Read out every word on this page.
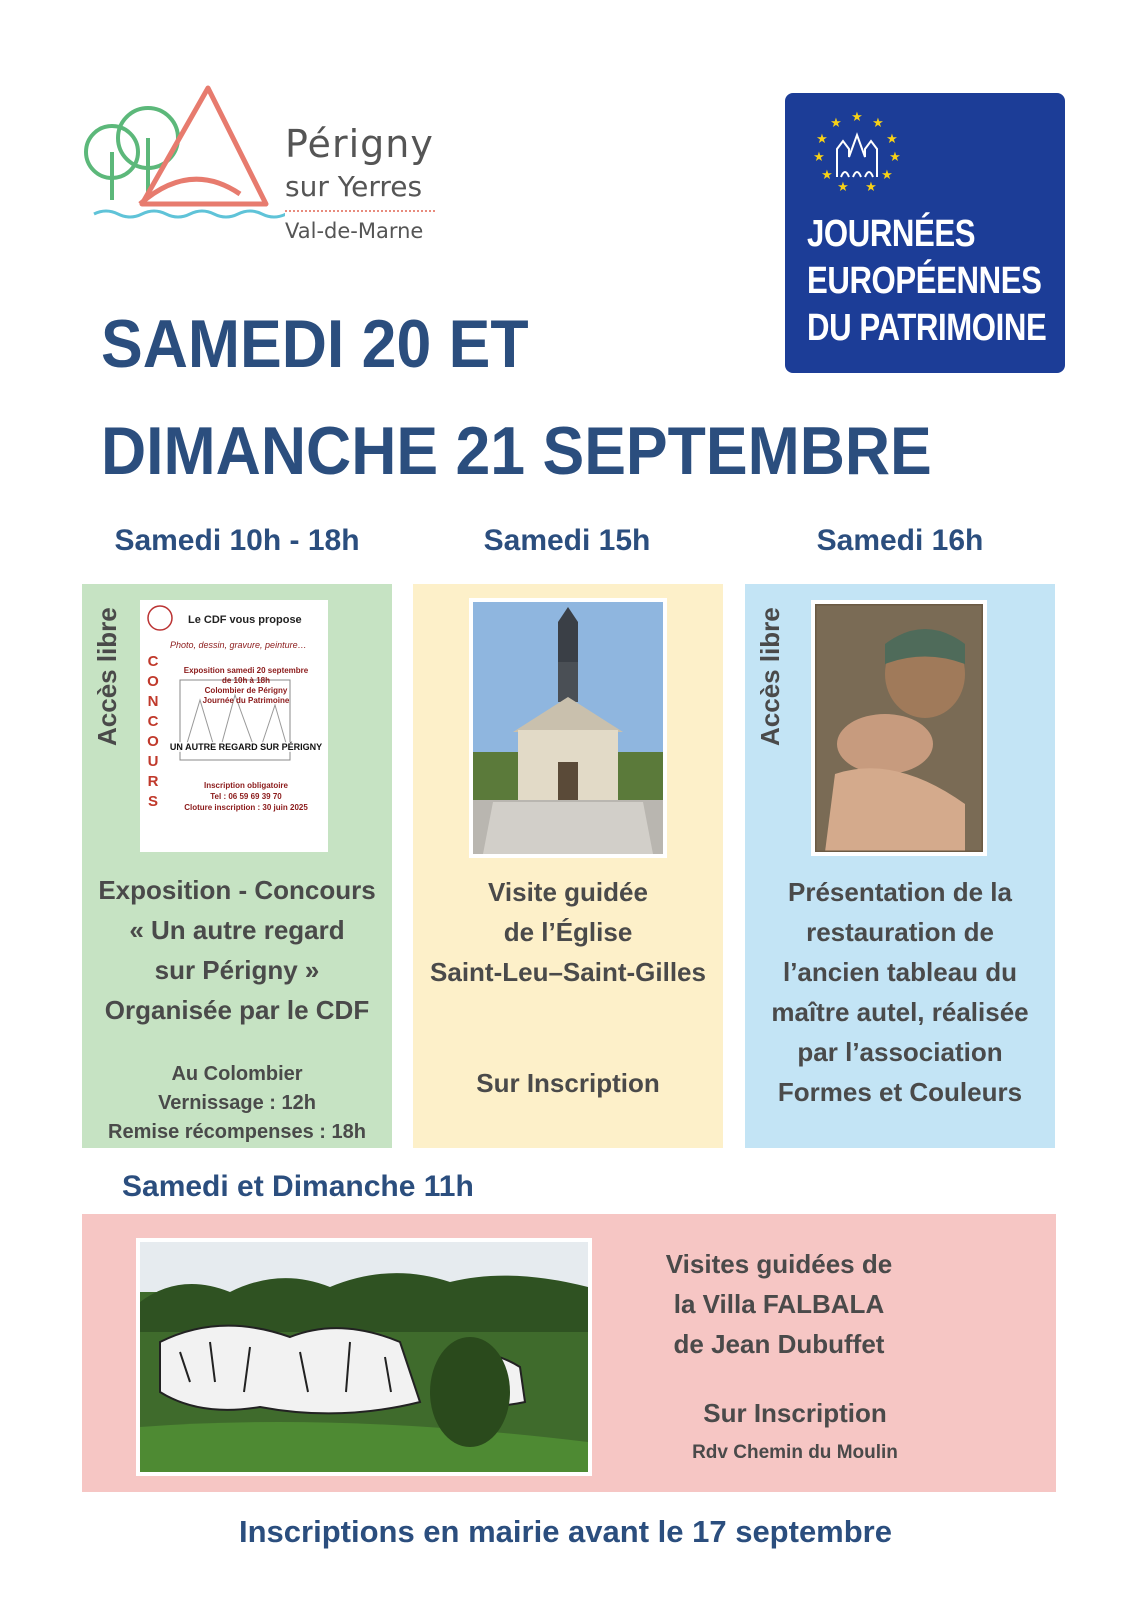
Périgny
sur Yerres
Val-de-Marne
★ ★
★
★
★
★
★
★
★
★
★
JOURNÉES
EUROPÉENNES
DU PATRIMOINE
SAMEDI 20 ET
DIMANCHE 21 SEPTEMBRE
Samedi 10h - 18h	Samedi 15h	Samedi 16h
Accès libre	Le CDF vous propose
Photo, dessin, gravure, peinture…
CONCOURS
Exposition samedi 20 septembre
de 10h à 18h
Colombier de Périgny
Journée du Patrimoine
UN AUTRE REGARD SUR PÉRIGNY
Inscription obligatoire
Tel : 06 59 69 39 70
Cloture inscription : 30 juin 2025
Exposition - Concours
« Un autre regard
sur Périgny »
Organisée par le CDF
Au Colombier
Vernissage : 12h
Remise récompenses : 18h
Visite guidée
de l’Église
Saint-Leu–Saint-Gilles
Sur Inscription
Accès libre
Présentation de la
restauration de
l’ancien tableau du
maître autel, réalisée
par l’association
Formes et Couleurs
Samedi et Dimanche 11h
Visites guidées de
la Villa FALBALA
de Jean Dubuffet
Sur Inscription
Rdv Chemin du Moulin
Inscriptions en mairie avant le 17 septembre
